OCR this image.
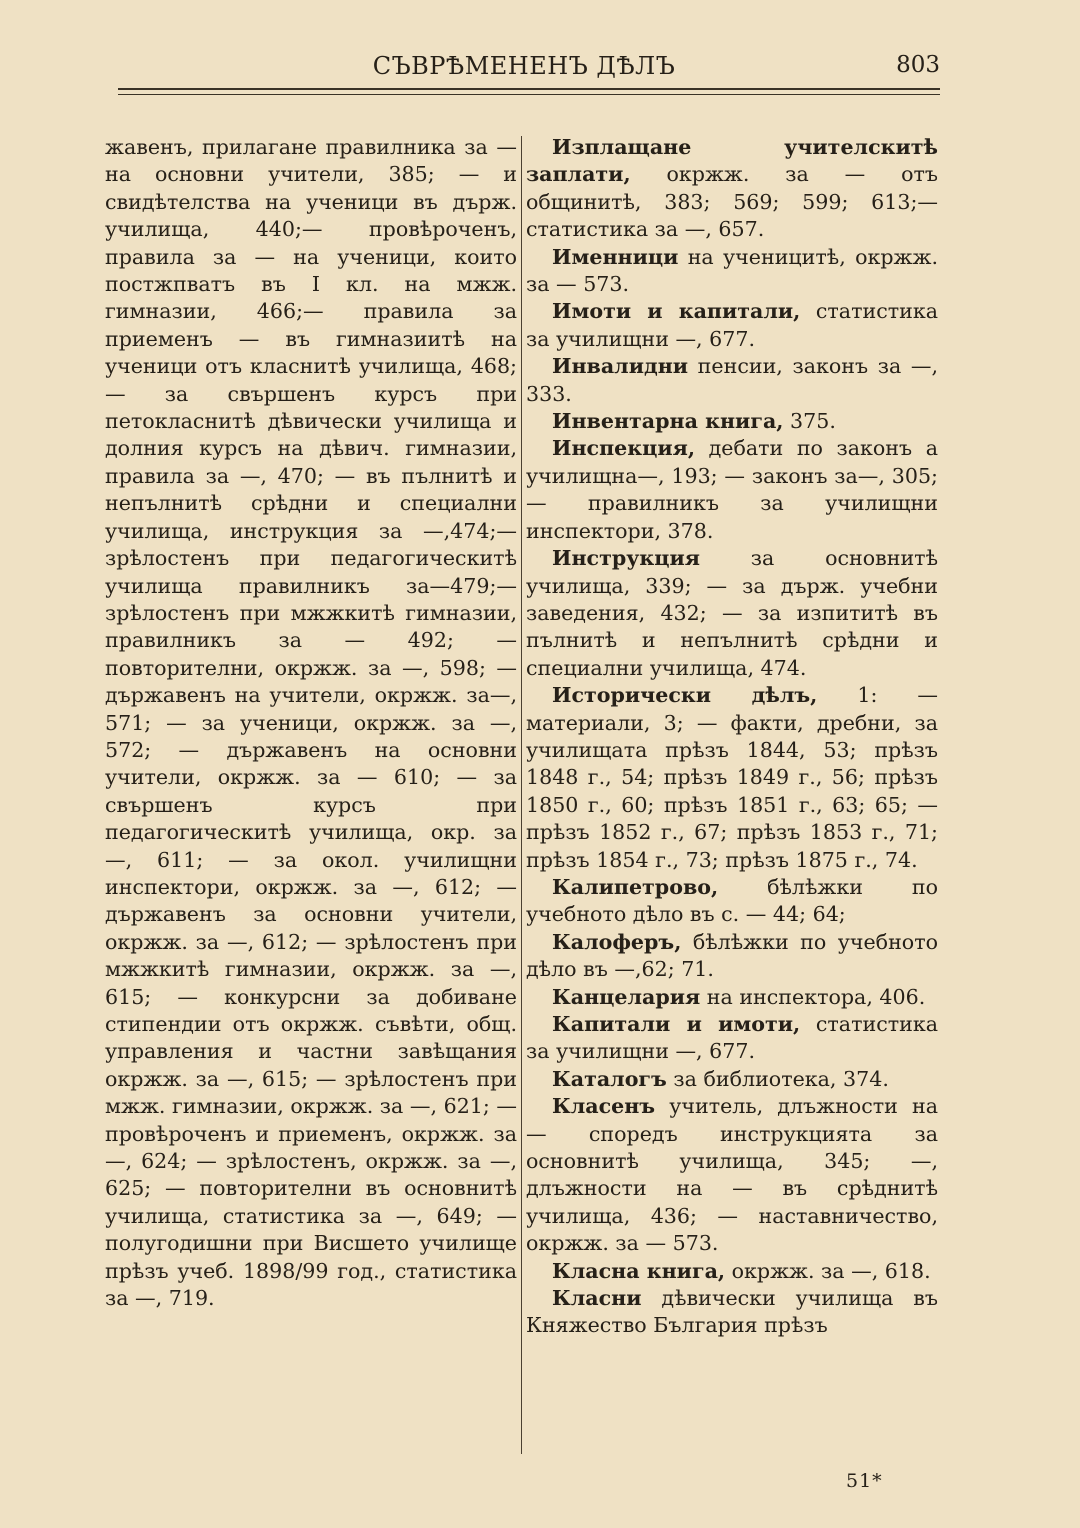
СЪВРѢМЕНЕНЪ ДѢЛЪ	803

жавенъ, прилагане правилника за — на основни учители, 385; — и свидѣтелства на ученици въ държ. училища, 440;— провѣроченъ, правила за — на ученици, които постжпватъ въ I кл. на мжж. гимназии, 466;— правила за приеменъ — въ гимназиитѣ на ученици отъ класнитѣ училища, 468; — за свършенъ курсъ при петокласнитѣ дѣвически училища и долния курсъ на дѣвич. гимназии, правила за —, 470; — въ пълнитѣ и непълнитѣ срѣдни и специални училища, инструкция за —,474;—зрѣлостенъ при педагогическитѣ училища правилникъ за—479;—зрѣлостенъ при мжжкитѣ гимназии, правилникъ за — 492; — повторителни, окржж. за —, 598; — държавенъ на учители, окржж. за—, 571; — за ученици, окржж. за —, 572; — държавенъ на основни учители, окржж. за — 610; — за свършенъ курсъ при педагогическитѣ училища, окр. за —, 611; — за окол. училищни инспектори, окржж. за —, 612; — държавенъ за основни учители, окржж. за —, 612; — зрѣлостенъ при мжжкитѣ гимназии, окржж. за —, 615; — конкурсни за добиване стипендии отъ окржж. съвѣти, общ. управления и частни завѣщания окржж. за —, 615; — зрѣлостенъ при мжж. гимназии, окржж. за —, 621; — провѣроченъ и приеменъ, окржж. за —, 624; — зрѣлостенъ, окржж. за —, 625; — повторителни въ основнитѣ училища, статистика за —, 649; — полугодишни при Висшето училище прѣзъ учеб. 1898/99 год., статистика за —, 719.

Изплащане учителскитѣ заплати, окржж. за — отъ общинитѣ, 383; 569; 599; 613;—статистика за —, 657.

Именници на ученицитѣ, окржж. за — 573.

Имоти и капитали, статистика за училищни —, 677.

Инвалидни пенсии, законъ за —, 333.

Инвентарна книга, 375.

Инспекция, дебати по законъ а училищна—, 193; — законъ за—, 305; — правилникъ за училищни инспектори, 378.

Инструкция за основнитѣ училища, 339; — за държ. учебни заведения, 432; — за изпититѣ въ пълнитѣ и непълнитѣ срѣдни и специални училища, 474.

Исторически дѣлъ, 1: — материали, 3; — факти, дребни, за училищата прѣзъ 1844, 53; прѣзъ 1848 г., 54; прѣзъ 1849 г., 56; прѣзъ 1850 г., 60; прѣзъ 1851 г., 63; 65; — прѣзъ 1852 г., 67; прѣзъ 1853 г., 71; прѣзъ 1854 г., 73; прѣзъ 1875 г., 74.

Калипетрово, бѣлѣжки по учебното дѣло въ с. — 44; 64;

Калоферъ, бѣлѣжки по учебното дѣло въ —,62; 71.

Канцелария на инспектора, 406.

Капитали и имоти, статистика за училищни —, 677.

Каталогъ за библиотека, 374.

Класенъ учитель, длъжности на — споредъ инструкцията за основнитѣ училища, 345; —, длъжности на — въ срѣднитѣ училища, 436; — наставничество, окржж. за — 573.

Класна книга, окржж. за —, 618.

Класни дѣвически училища въ Княжество България прѣзъ

51*
